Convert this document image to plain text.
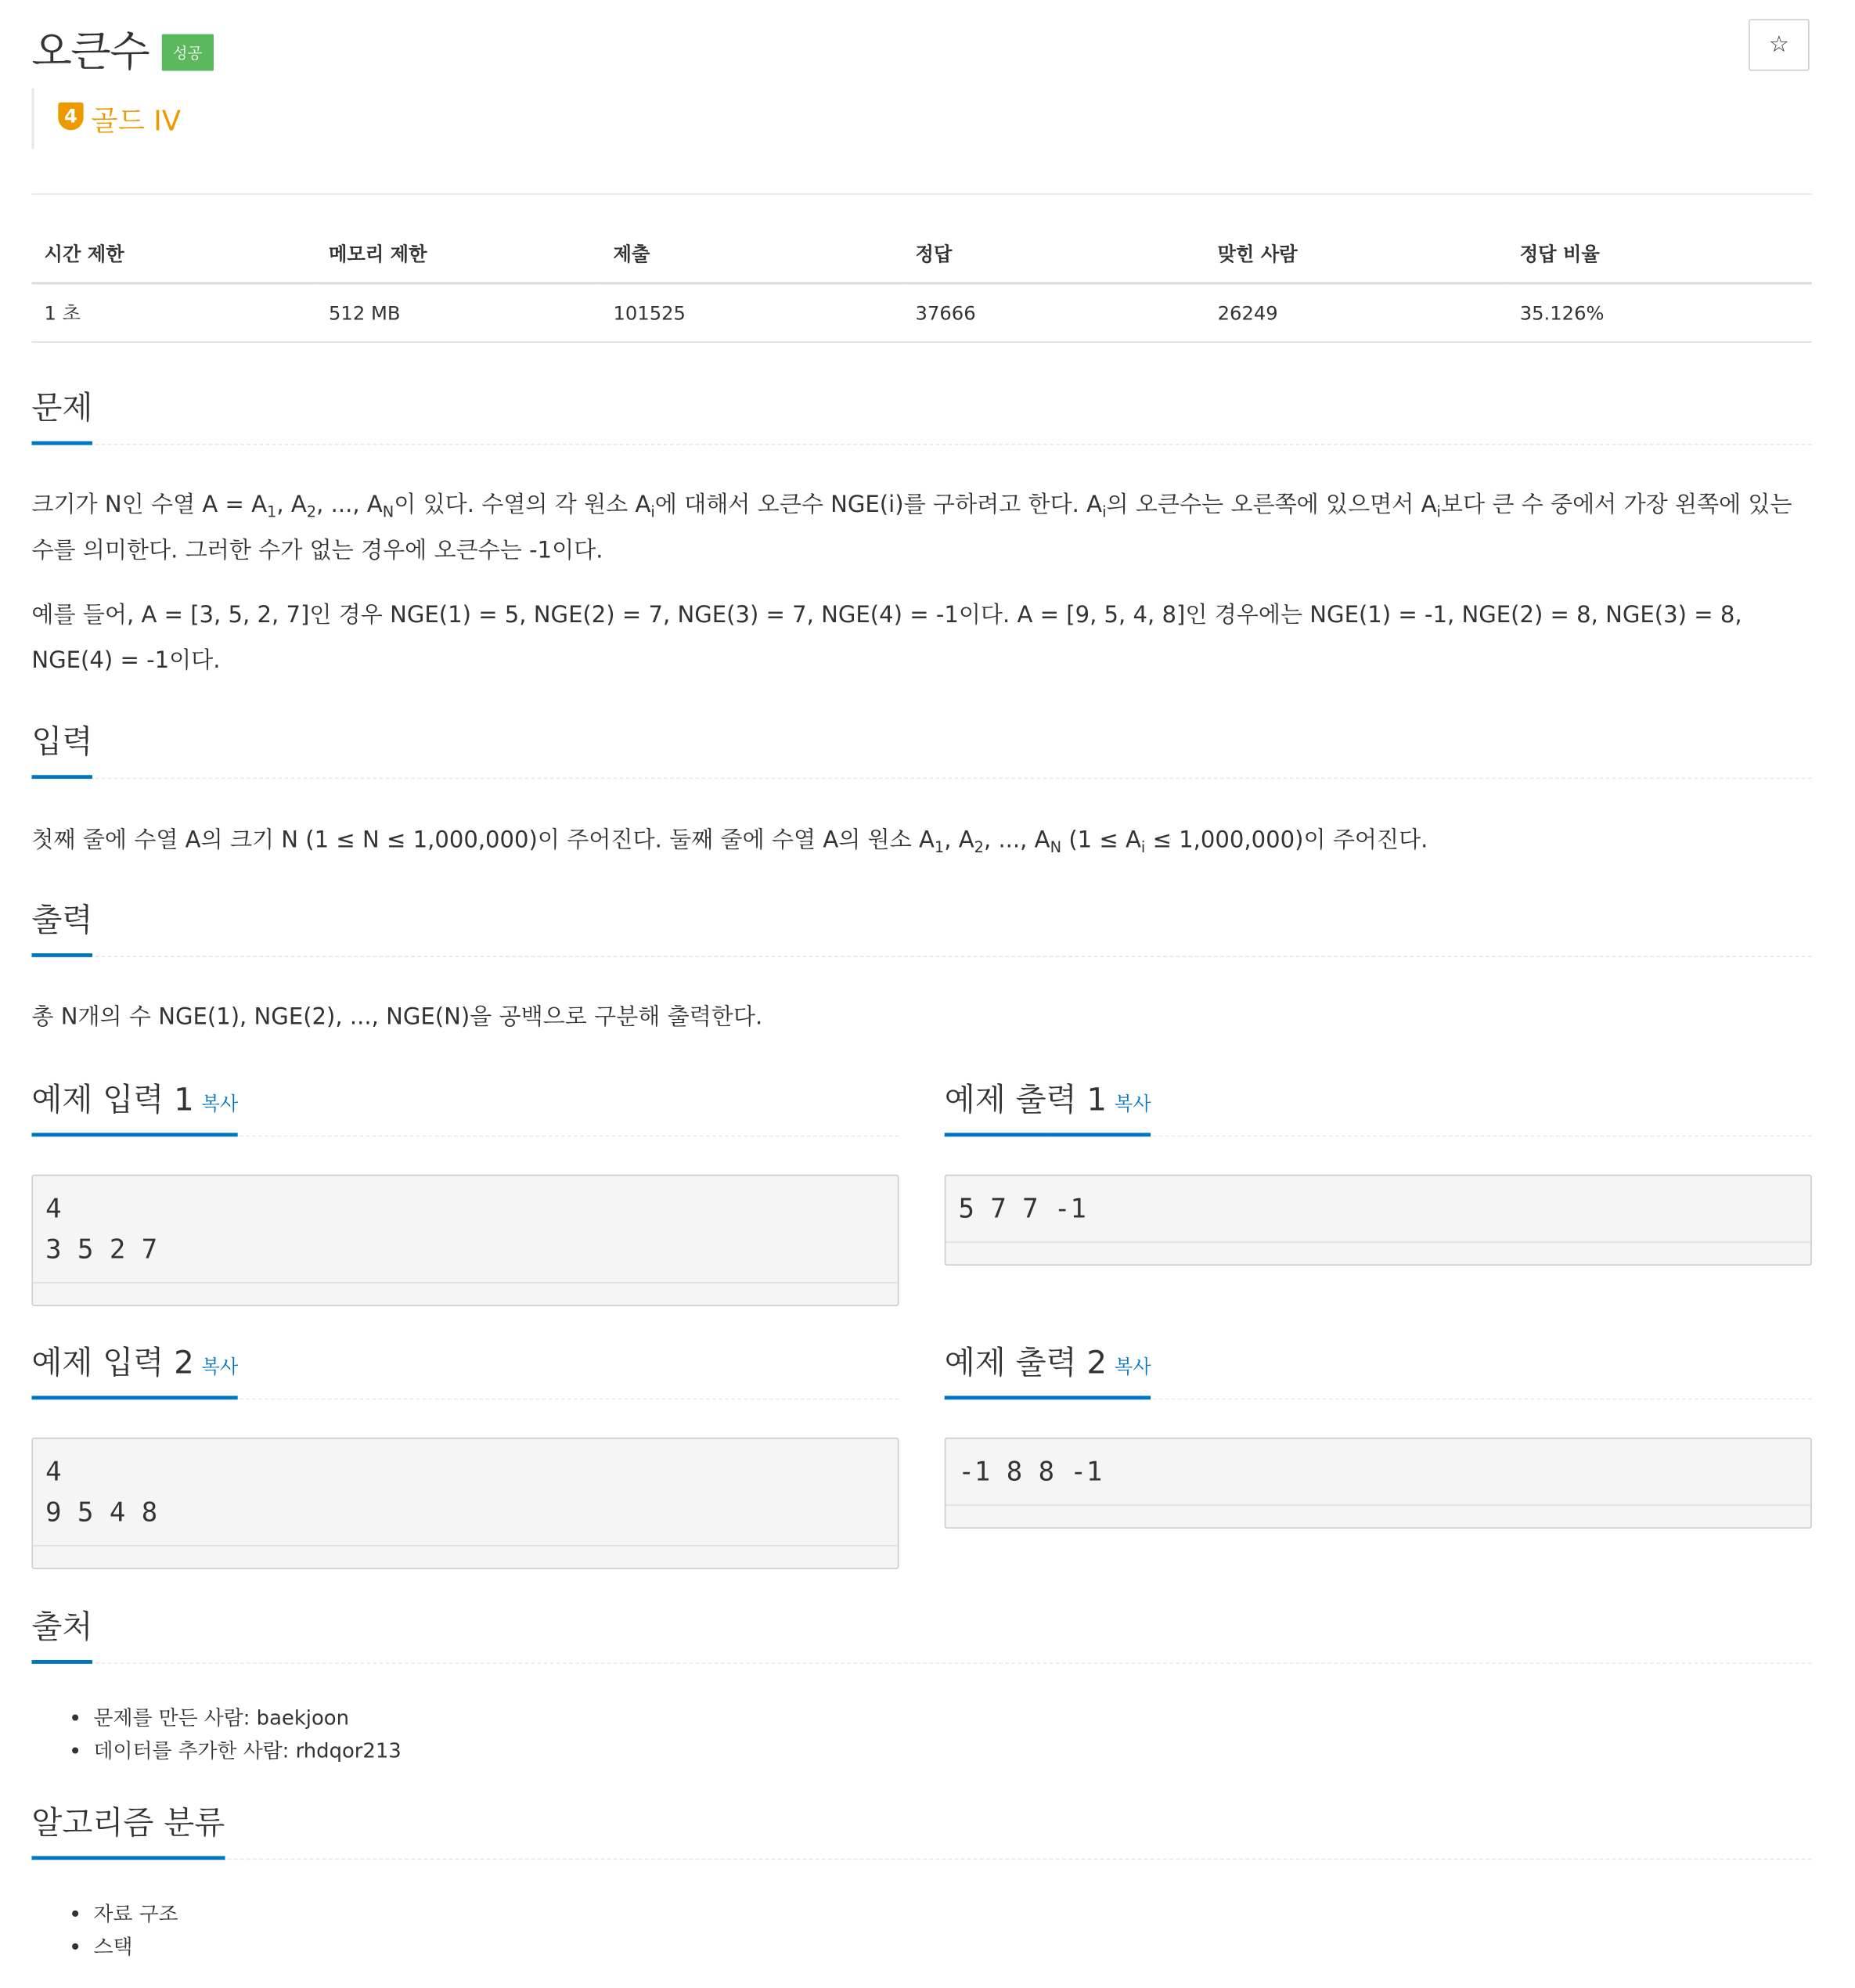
오큰수	성공	☆
4 골드 IV
시간 제한	메모리 제한	제출	정답	맞힌 사람	정답 비율
1 초	512 MB	101525	37666	26249	35.126%
문제
크기가 N인 수열 $A = A_1$, $A_2$, ..., $A_N$이 있다. 수열의 각 원소 $A_i$에 대해서 오큰수 NGE(i)를 구하려고 한다. $A_i$의 오큰수는 오른쪽에 있으면서 $A_i$보다 큰 수 중에서 가장 왼쪽에 있는 수를 의미한다. 그러한 수가 없는 경우에 오큰수는 -1이다.
예를 들어, A = [3, 5, 2, 7]인 경우 NGE(1) = 5, NGE(2) = 7, NGE(3) = 7, NGE(4) = -1이다. A = [9, 5, 4, 8]인 경우에는 NGE(1) = -1, NGE(2) = 8, NGE(3) = 8, NGE(4) = -1이다.
입력
첫째 줄에 수열 A의 크기 N (1 ≤ N ≤ 1,000,000)이 주어진다. 둘째 줄에 수열 A의 원소 $A_1$, $A_2$, ..., $A_N$ $(1 \le A_i \le 1,000,000)$이 주어진다.
출력
총 N개의 수 NGE(1), NGE(2), ..., NGE(N)을 공백으로 구분해 출력한다.
예제 입력 1 복사	예제 출력 1 복사
4
3 5 2 7
5 7 7 -1
예제 입력 2 복사	예제 출력 2 복사
4
9 5 4 8
-1 8 8 -1
출처
• 문제를 만든 사람: baekjoon
• 데이터를 추가한 사람: rhdqor213
알고리즘 분류
• 자료 구조
• 스택
